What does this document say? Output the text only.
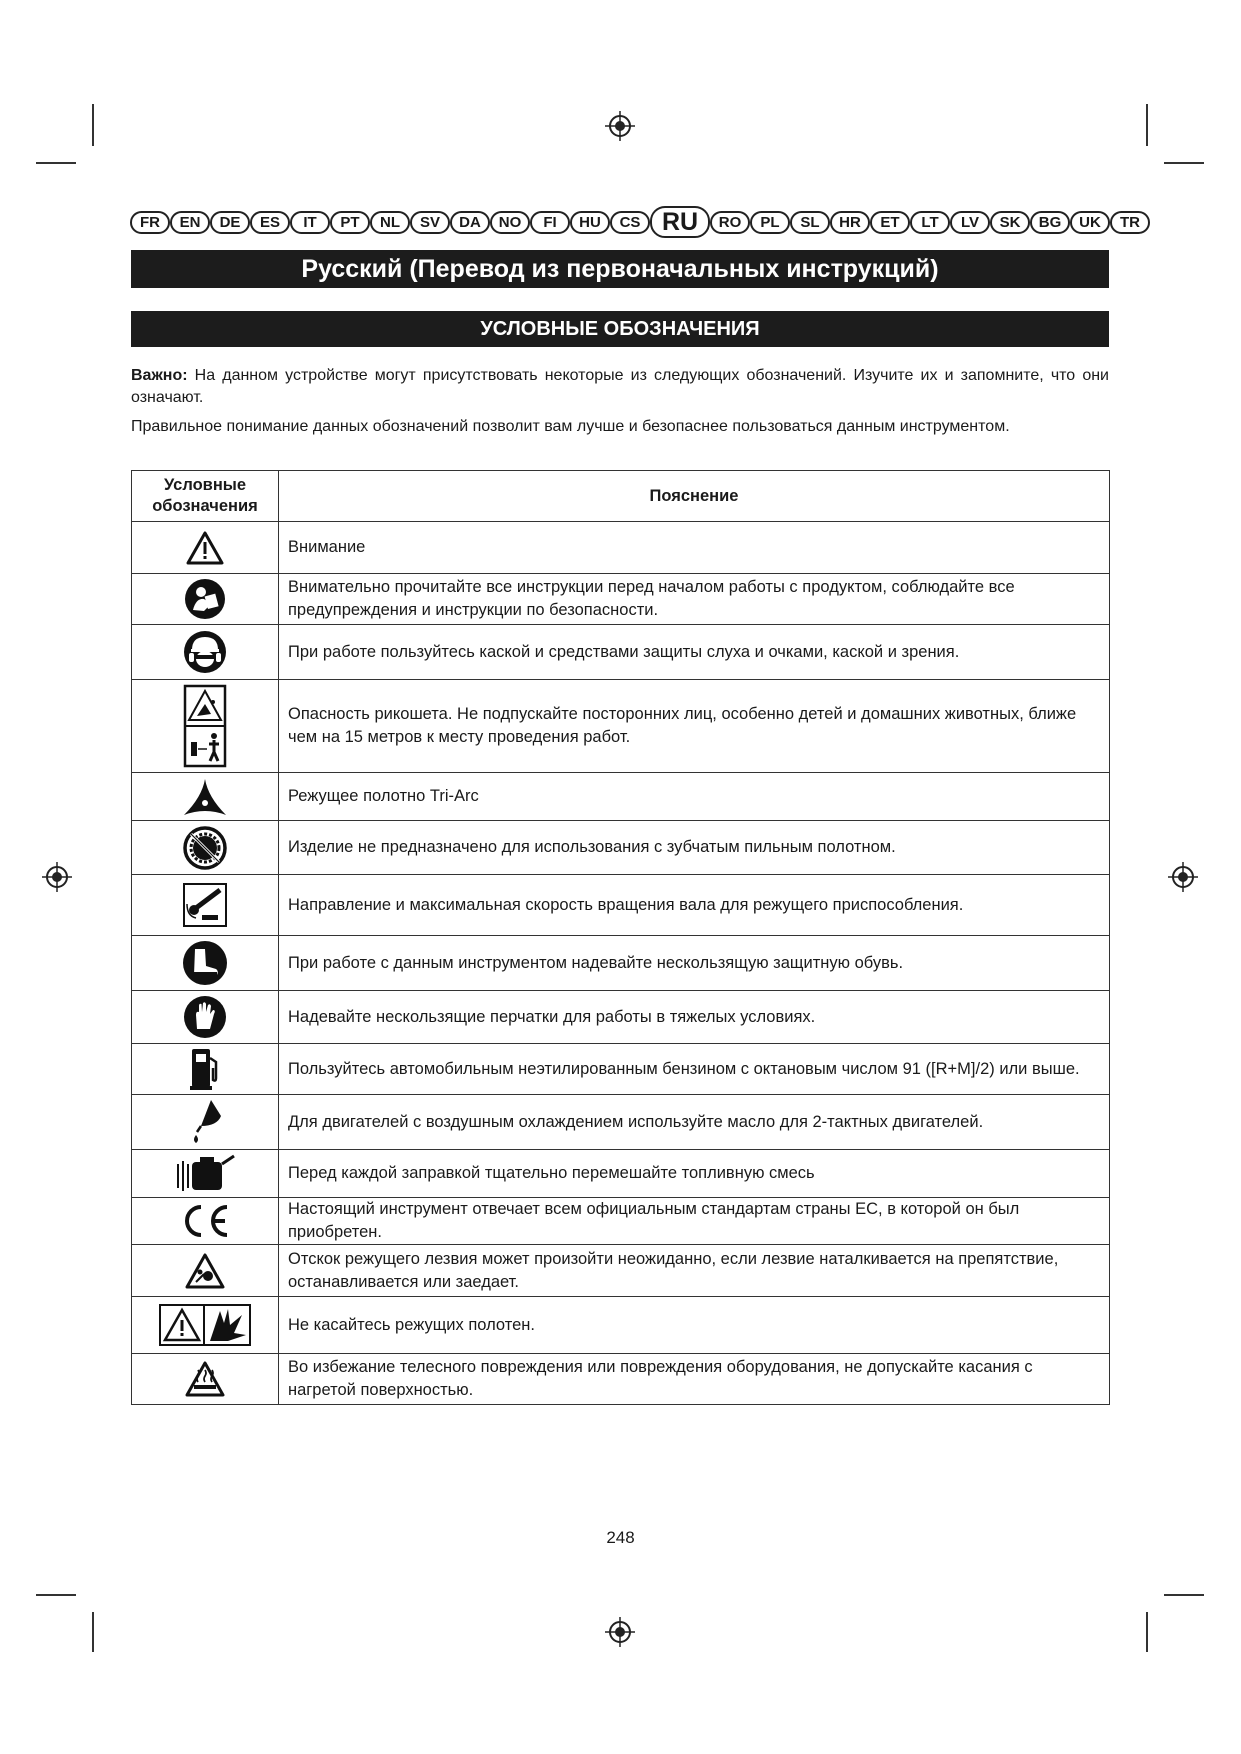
FR	EN	DE	ES	IT	PT	NL	SV	DA	NO	FI	HU	CS RU	RO	PL	SL	HR	ET	LT	LV	SK	BG	UK	TR
Русский (Перевод из первоначальных инструкций)
УСЛОВНЫЕ ОБОЗНАЧЕНИЯ
Важно: На данном устройстве могут присутствовать некоторые из следующих обозначений. Изучите их и запомните, что они означают.
Правильное понимание данных обозначений позволит вам лучше и безопаснее пользоваться данным инструментом.
Условные обозначения	Пояснение

	Внимание

	Внимательно прочитайте все инструкции перед началом работы с продуктом, соблюдайте все предупреждения и инструкции по безопасности.

	При работе пользуйтесь каской и средствами защиты слуха и очками, каской и зрения.

	Опасность рикошета. Не подпускайте посторонних лиц, особенно детей и домашних животных, ближе чем на 15 метров к месту проведения работ.

	Режущее полотно Tri-Arc

	Изделие не предназначено для использования с зубчатым пильным полотном.

	Направление и максимальная скорость вращения вала для режущего приспособления.

	При работе с данным инструментом надевайте нескользящую защитную обувь.

	Надевайте нескользящие перчатки для работы в тяжелых условиях.

	Пользуйтесь автомобильным неэтилированным бензином с октановым числом 91 ([R+M]/2) или выше.

	Для двигателей с воздушным охлаждением используйте масло для 2-тактных двигателей.

	Перед каждой заправкой тщательно перемешайте топливную смесь

	Настоящий инструмент отвечает всем официальным стандартам страны ЕС, в которой он был приобретен.

	Отскок режущего лезвия может произойти неожиданно, если лезвие наталкивается на препятствие, останавливается или заедает.

	Не касайтесь режущих полотен.

	Во избежание телесного повреждения или повреждения оборудования, не допускайте касания с нагретой поверхностью.
248
